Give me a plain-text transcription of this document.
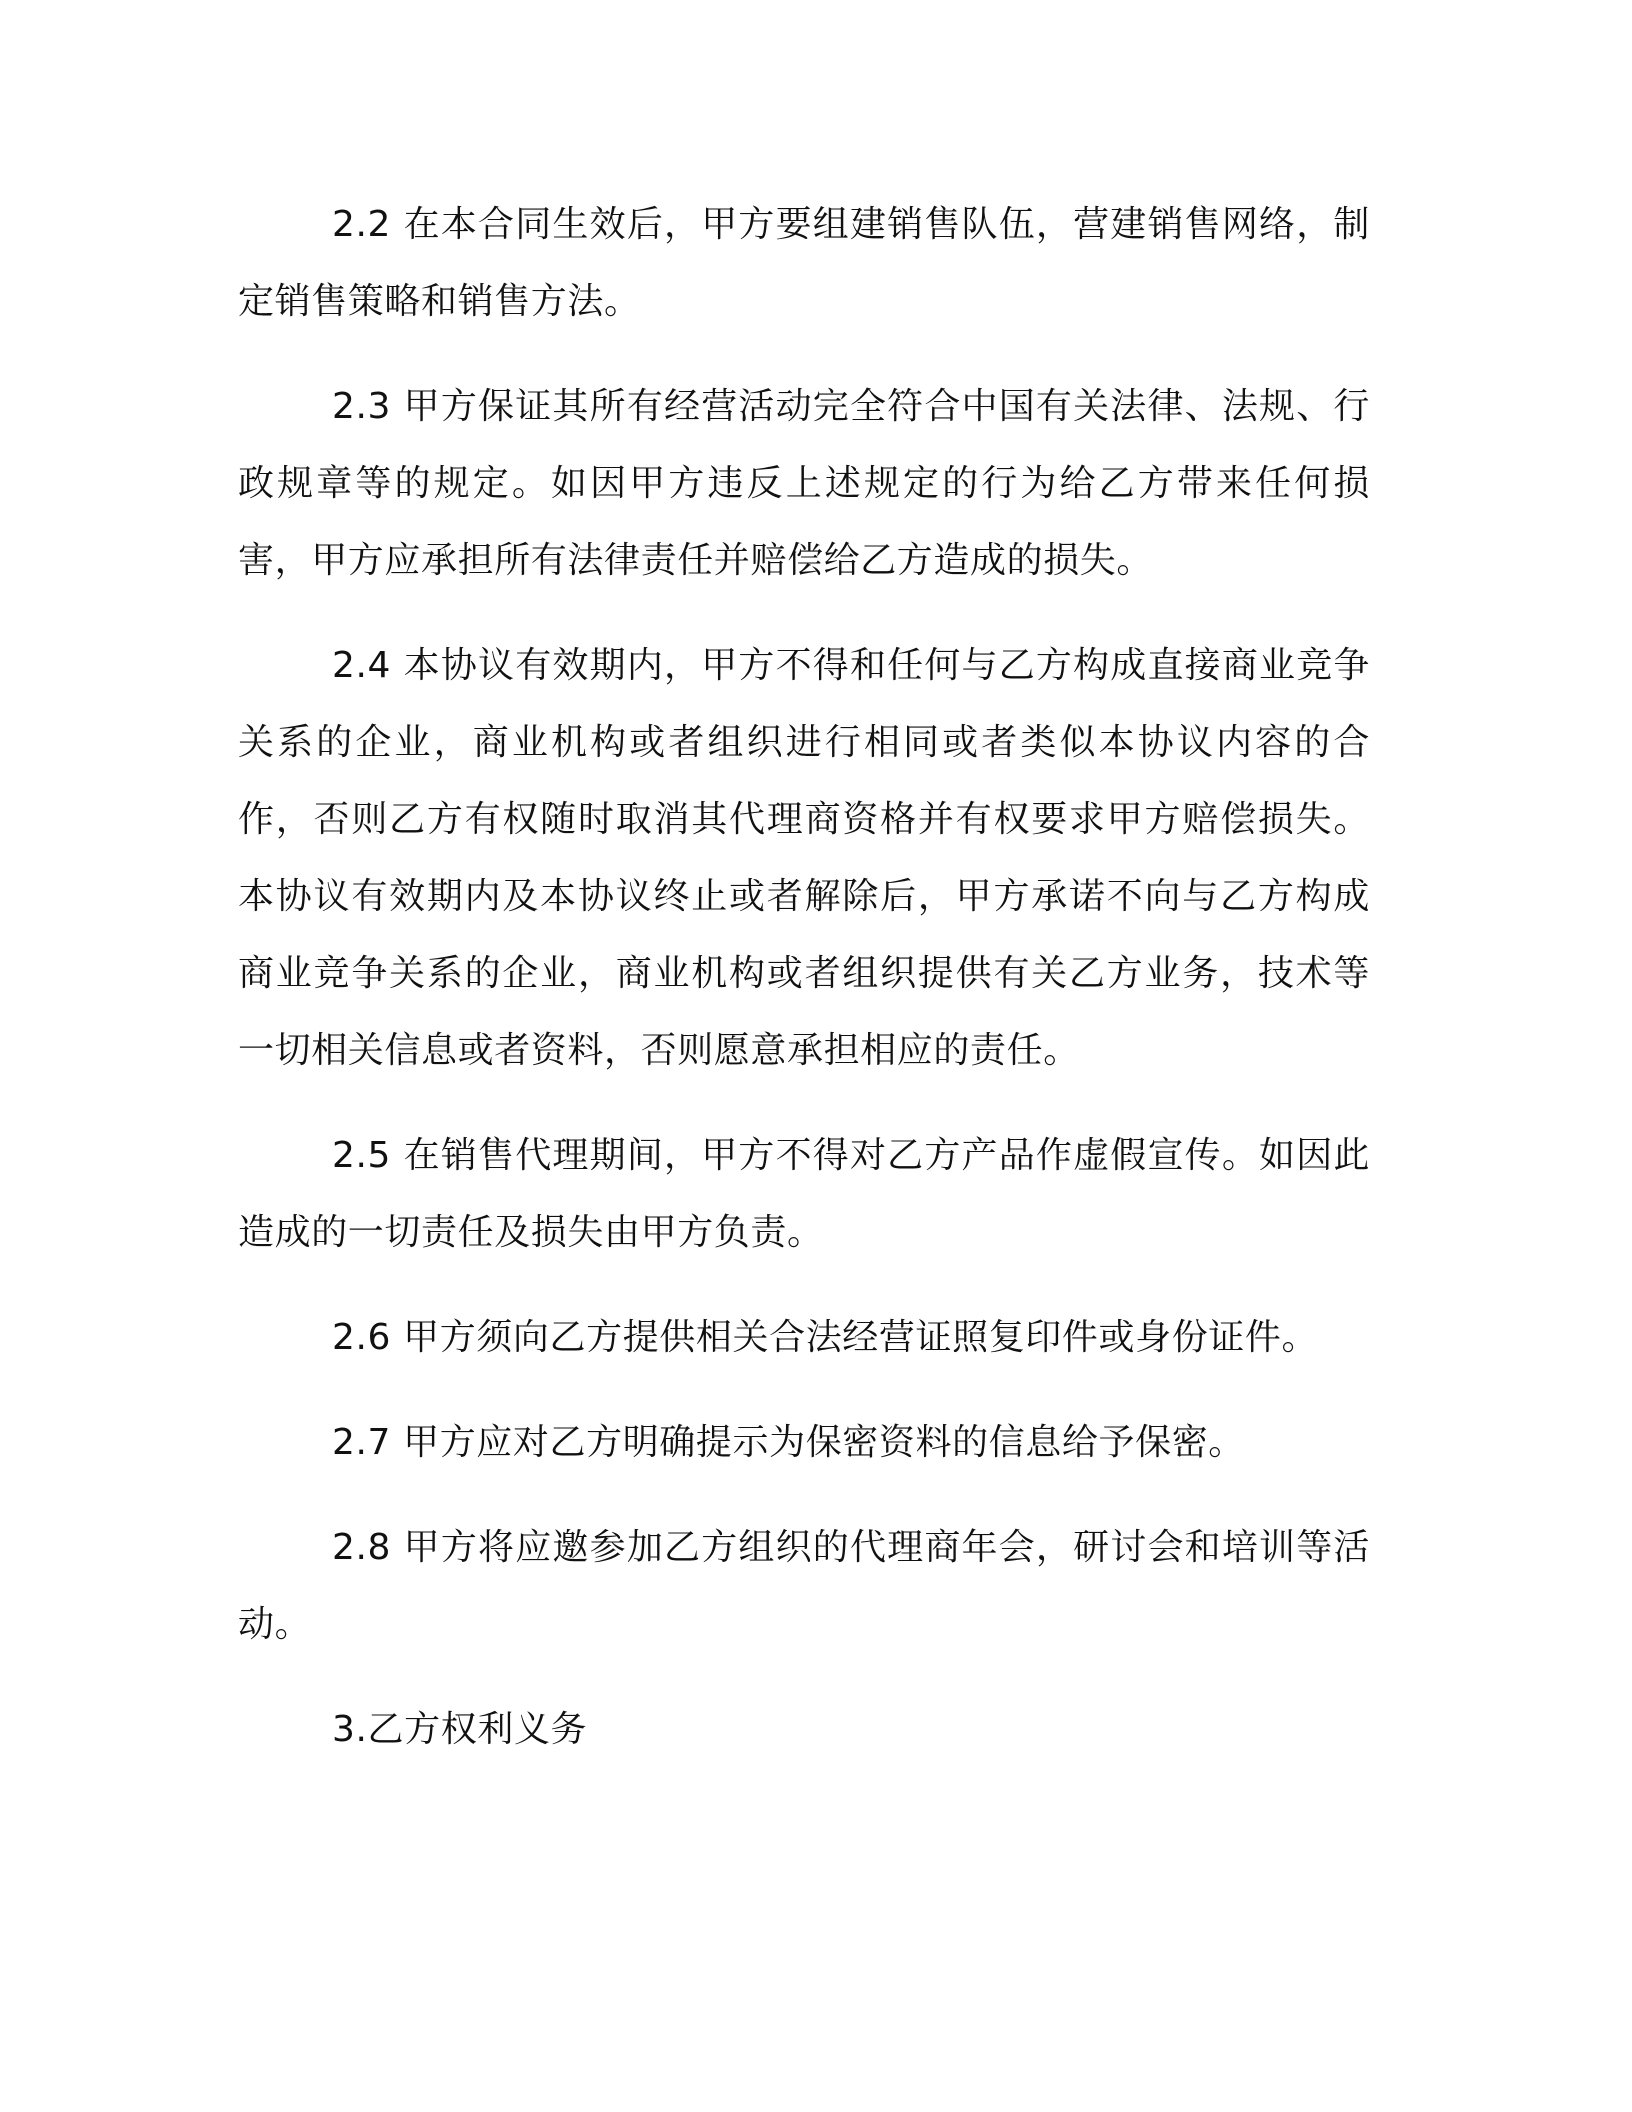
2.2 在本合同生效后，甲方要组建销售队伍，营建销售网络，制定销售策略和销售方法。

2.3 甲方保证其所有经营活动完全符合中国有关法律、法规、行政规章等的规定。如因甲方违反上述规定的行为给乙方带来任何损害，甲方应承担所有法律责任并赔偿给乙方造成的损失。

2.4 本协议有效期内，甲方不得和任何与乙方构成直接商业竞争关系的企业，商业机构或者组织进行相同或者类似本协议内容的合作，否则乙方有权随时取消其代理商资格并有权要求甲方赔偿损失。本协议有效期内及本协议终止或者解除后，甲方承诺不向与乙方构成商业竞争关系的企业，商业机构或者组织提供有关乙方业务，技术等一切相关信息或者资料，否则愿意承担相应的责任。

2.5 在销售代理期间，甲方不得对乙方产品作虚假宣传。如因此造成的一切责任及损失由甲方负责。

2.6 甲方须向乙方提供相关合法经营证照复印件或身份证件。

2.7 甲方应对乙方明确提示为保密资料的信息给予保密。

2.8 甲方将应邀参加乙方组织的代理商年会，研讨会和培训等活动。

3.乙方权利义务
